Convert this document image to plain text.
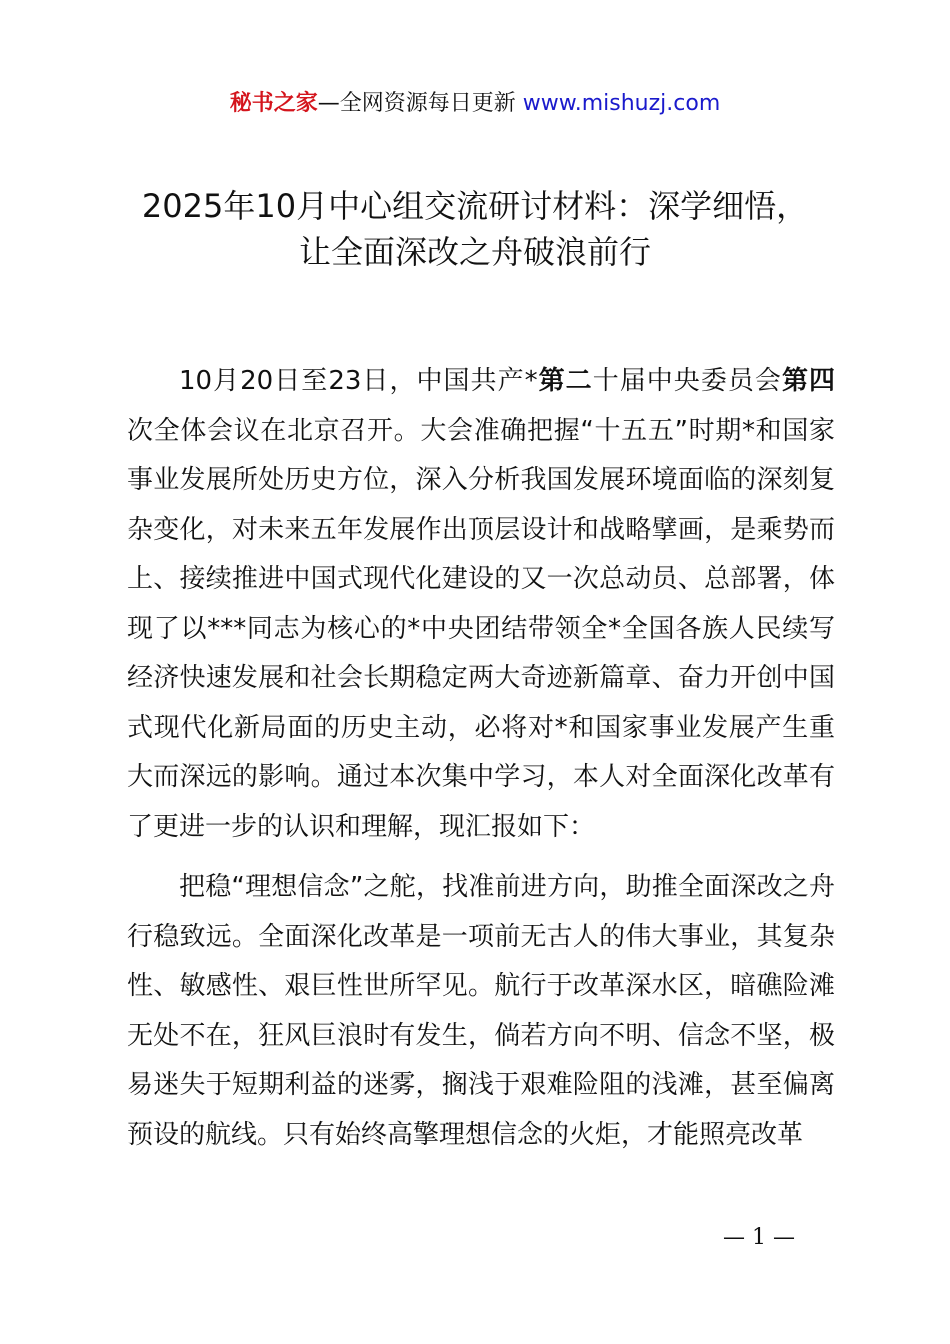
秘书之家—全网资源每日更新 www.mishuzj.com
2025年10月中心组交流研讨材料：深学细悟，
让全面深改之舟破浪前行

10月20日至23日，中国共产*第二十届中央委员会第四次全体会议在北京召开。大会准确把握“十五五”时期*和国家事业发展所处历史方位，深入分析我国发展环境面临的深刻复杂变化，对未来五年发展作出顶层设计和战略擘画，是乘势而上、接续推进中国式现代化建设的又一次总动员、总部署，体现了以***同志为核心的*中央团结带领全*全国各族人民续写经济快速发展和社会长期稳定两大奇迹新篇章、奋力开创中国式现代化新局面的历史主动，必将对*和国家事业发展产生重大而深远的影响。通过本次集中学习，本人对全面深化改革有了更进一步的认识和理解，现汇报如下：

把稳“理想信念”之舵，找准前进方向，助推全面深改之舟行稳致远。全面深化改革是一项前无古人的伟大事业，其复杂性、敏感性、艰巨性世所罕见。航行于改革深水区，暗礁险滩无处不在，狂风巨浪时有发生，倘若方向不明、信念不坚，极易迷失于短期利益的迷雾，搁浅于艰难险阻的浅滩，甚至偏离预设的航线。只有始终高擎理想信念的火炬，才能照亮改革

— 1 —
